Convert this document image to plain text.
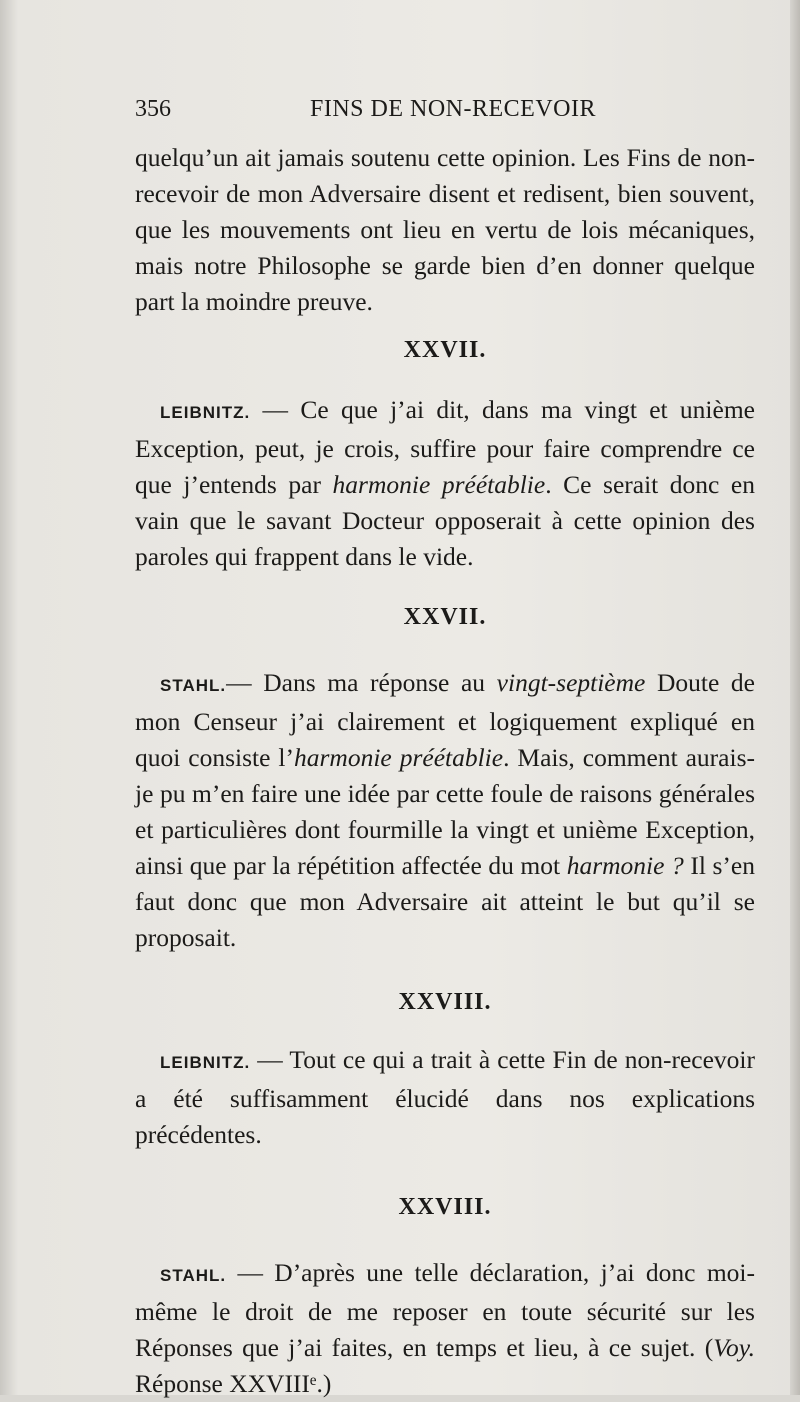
356	FINS DE NON-RECEVOIR

quelqu’un ait jamais soutenu cette opinion. Les Fins de non-recevoir de mon Adversaire disent et redisent, bien souvent, que les mouvements ont lieu en vertu de lois mécaniques, mais notre Philosophe se garde bien d’en donner quelque part la moindre preuve.

XXVII.

LEIBNITZ. — Ce que j’ai dit, dans ma vingt et unième Exception, peut, je crois, suffire pour faire comprendre ce que j’entends par harmonie préétablie. Ce serait donc en vain que le savant Docteur opposerait à cette opinion des paroles qui frappent dans le vide.

XXVII.

STAHL.— Dans ma réponse au vingt-septième Doute de mon Censeur j’ai clairement et logiquement expliqué en quoi consiste l’harmonie préétablie. Mais, comment aurais-je pu m’en faire une idée par cette foule de raisons générales et particulières dont fourmille la vingt et unième Exception, ainsi que par la répétition affectée du mot harmonie ? Il s’en faut donc que mon Adversaire ait atteint le but qu’il se proposait.

XXVIII.

LEIBNITZ. — Tout ce qui a trait à cette Fin de non-recevoir a été suffisamment élucidé dans nos explications précédentes.

XXVIII.

STAHL. — D’après une telle déclaration, j’ai donc moi-même le droit de me reposer en toute sécurité sur les Réponses que j’ai faites, en temps et lieu, à ce sujet. (Voy. Réponse XXVIIIᵉ.)
